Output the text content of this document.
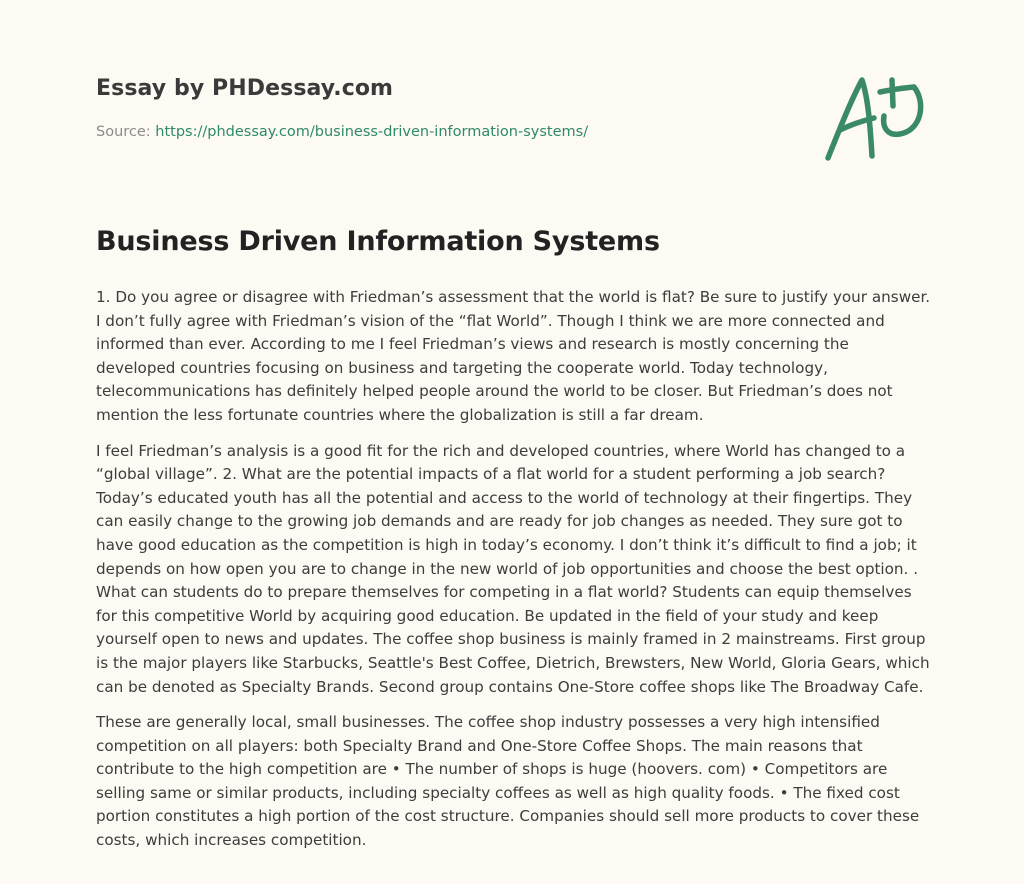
Essay by PHDessay.com
Source: https://phdessay.com/business-driven-information-systems/
Business Driven Information Systems

1. Do you agree or disagree with Friedman’s assessment that the world is flat? Be sure to justify your answer. I don’t fully agree with Friedman’s vision of the “flat World”. Though I think we are more connected and informed than ever. According to me I feel Friedman’s views and research is mostly concerning the developed countries focusing on business and targeting the cooperate world. Today technology, telecommunications has definitely helped people around the world to be closer. But Friedman’s does not mention the less fortunate countries where the globalization is still a far dream.

I feel Friedman’s analysis is a good fit for the rich and developed countries, where World has changed to a “global village”. 2. What are the potential impacts of a flat world for a student performing a job search? Today’s educated youth has all the potential and access to the world of technology at their fingertips. They can easily change to the growing job demands and are ready for job changes as needed. They sure got to have good education as the competition is high in today’s economy. I don’t think it’s difficult to find a job; it depends on how open you are to change in the new world of job opportunities and choose the best option. . What can students do to prepare themselves for competing in a flat world? Students can equip themselves for this competitive World by acquiring good education. Be updated in the field of your study and keep yourself open to news and updates. The coffee shop business is mainly framed in 2 mainstreams. First group is the major players like Starbucks, Seattle's Best Coffee, Dietrich, Brewsters, New World, Gloria Gears, which can be denoted as Specialty Brands. Second group contains One-Store coffee shops like The Broadway Cafe.

These are generally local, small businesses. The coffee shop industry possesses a very high intensified competition on all players: both Specialty Brand and One-Store Coffee Shops. The main reasons that contribute to the high competition are • The number of shops is huge (hoovers. com) • Competitors are selling same or similar products, including specialty coffees as well as high quality foods. • The fixed cost portion constitutes a high portion of the cost structure. Companies should sell more products to cover these costs, which increases competition.
